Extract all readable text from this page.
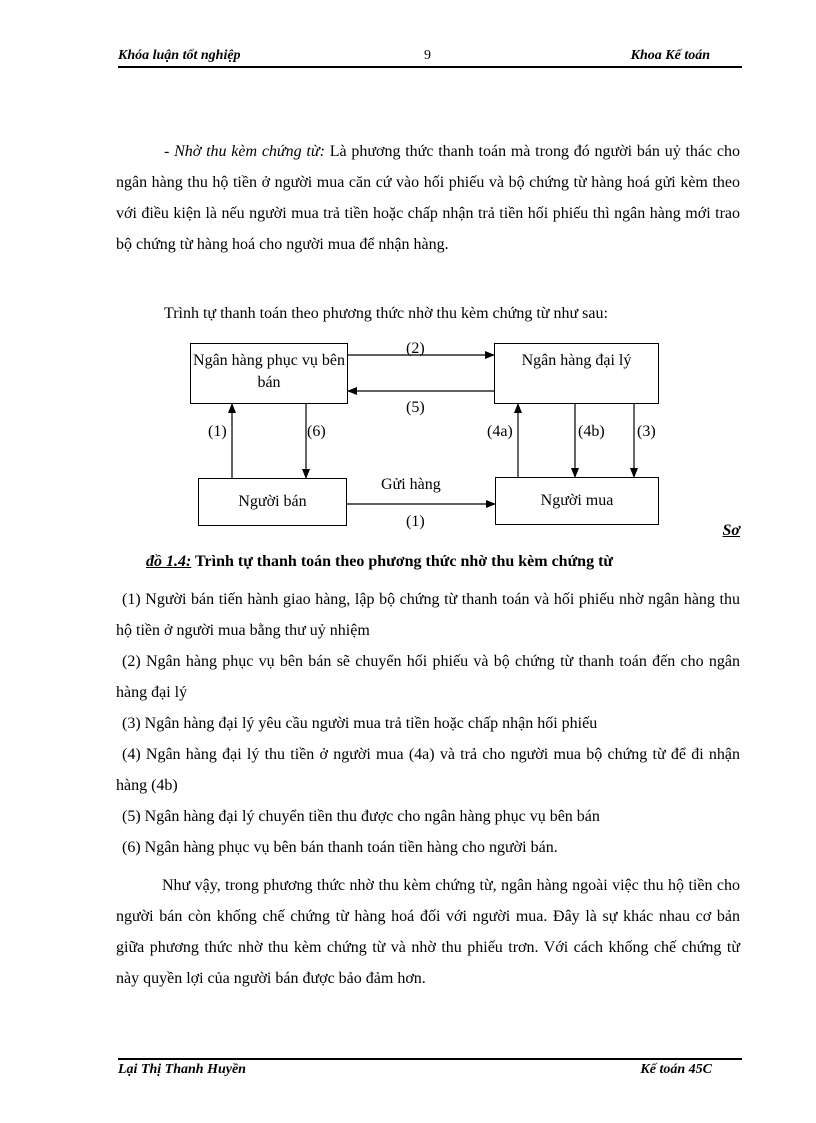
Khóa luận tốt nghiệp	9	Khoa Kế toán
- Nhờ thu kèm chứng từ: Là phương thức thanh toán mà trong đó người bán uỷ thác cho ngân hàng thu hộ tiền ở người mua căn cứ vào hối phiếu và bộ chứng từ hàng hoá gửi kèm theo với điều kiện là nếu người mua trả tiền hoặc chấp nhận trả tiền hối phiếu thì ngân hàng mới trao bộ chứng từ hàng hoá cho người mua để nhận hàng.
Trình tự thanh toán theo phương thức nhờ thu kèm chứng từ như sau:
Ngân hàng phục vụ bên bán
Ngân hàng đại lý
Người bán	Người mua
(2)
(5)
(1)	(6)	(4a)	(4b) (3)
Gửi hàng
(1)
Sơ
đồ 1.4: Trình tự thanh toán theo phương thức nhờ thu kèm chứng từ
(1) Người bán tiến hành giao hàng, lập bộ chứng từ thanh toán và hối phiếu nhờ ngân hàng thu hộ tiền ở người mua bằng thư uỷ nhiệm
(2) Ngân hàng phục vụ bên bán sẽ chuyển hối phiếu và bộ chứng từ thanh toán đến cho ngân hàng đại lý
(3) Ngân hàng đại lý yêu cầu người mua trả tiền hoặc chấp nhận hối phiếu
(4) Ngân hàng đại lý thu tiền ở người mua (4a) và trả cho người mua bộ chứng từ để đi nhận hàng (4b)
(5) Ngân hàng đại lý chuyển tiền thu được cho ngân hàng phục vụ bên bán
(6) Ngân hàng phục vụ bên bán thanh toán tiền hàng cho người bán.
Như vậy, trong phương thức nhờ thu kèm chứng từ, ngân hàng ngoài việc thu hộ tiền cho người bán còn khống chế chứng từ hàng hoá đối với người mua. Đây là sự khác nhau cơ bản giữa phương thức nhờ thu kèm chứng từ và nhờ thu phiếu trơn. Với cách khống chế chứng từ này quyền lợi của người bán được bảo đảm hơn.
Lại Thị Thanh Huyền	Kế toán 45C
